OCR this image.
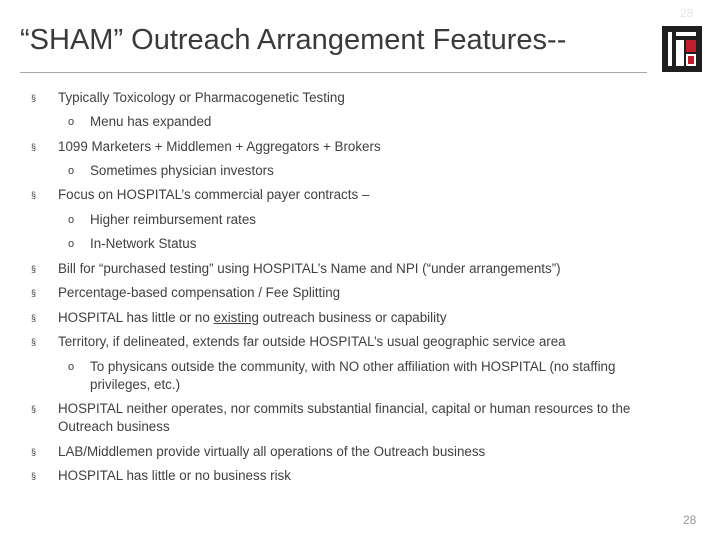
28
“SHAM” Outreach Arrangement Features--
§ Typically Toxicology or Pharmacogenetic Testing
o Menu has expanded
§ 1099 Marketers + Middlemen + Aggregators + Brokers
o Sometimes physician investors
§ Focus on HOSPITAL’s commercial payer contracts –
o Higher reimbursement rates
o In-Network Status
§ Bill for “purchased testing” using HOSPITAL’s Name and NPI (“under arrangements”)
§ Percentage-based compensation / Fee Splitting
§ HOSPITAL has little or no existing outreach business or capability
§ Territory, if delineated, extends far outside HOSPITAL’s usual geographic service area
o To physicans outside the community, with NO other affiliation with HOSPITAL (no staffing privileges, etc.)
§ HOSPITAL neither operates, nor commits substantial financial, capital or human resources to the Outreach business
§ LAB/Middlemen provide virtually all operations of the Outreach business
§ HOSPITAL has little or no business risk
28
